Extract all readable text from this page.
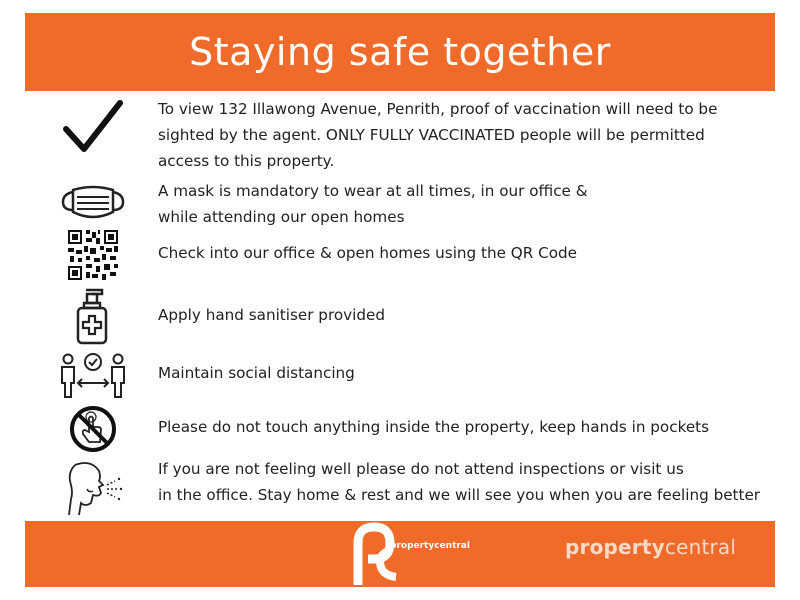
Staying safe together
To view 132 Illawong Avenue, Penrith, proof of vaccination will need to be
sighted by the agent. ONLY FULLY VACCINATED people will be permitted
access to this property.
A mask is mandatory to wear at all times, in our office &
while attending our open homes
Check into our office & open homes using the QR Code
Apply hand sanitiser provided
Maintain social distancing
Please do not touch anything inside the property, keep hands in pockets
If you are not feeling well please do not attend inspections or visit us
in the office. Stay home & rest and we will see you when you are feeling better
propertycentral	propertycentral
